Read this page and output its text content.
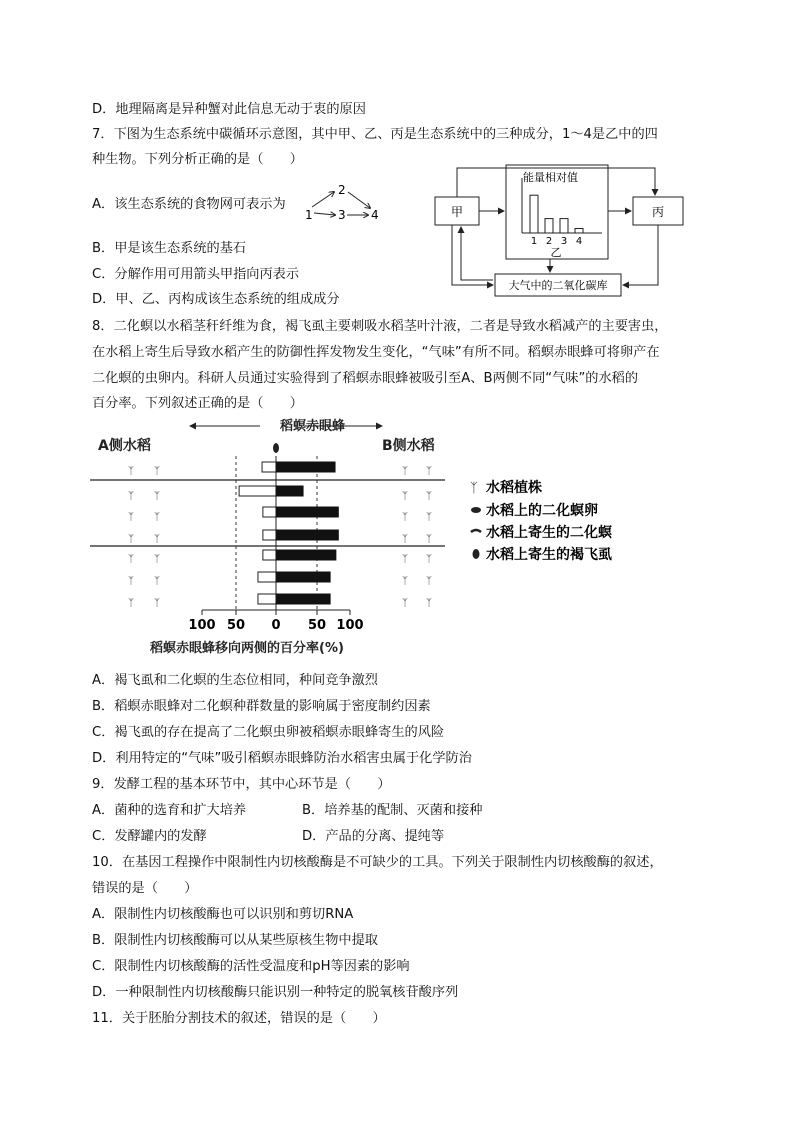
D．地理隔离是异种蟹对此信息无动于衷的原因
7．下图为生态系统中碳循环示意图，其中甲、乙、丙是生态系统中的三种成分，1～4是乙中的四
种生物。下列分析正确的是（　　）
A．该生态系统的食物网可表示为
1
2
3 4
B．甲是该生态系统的基石
C．分解作用可用箭头甲指向丙表示
D．甲、乙、丙构成该生态系统的组成成分
甲	丙
大气中的二氧化碳库
能量相对值
1 2 3 4
乙
8．二化螟以水稻茎秆纤维为食，褐飞虱主要刺吸水稻茎叶汁液，二者是导致水稻减产的主要害虫，
在水稻上寄生后导致水稻产生的防御性挥发物发生变化，“气味”有所不同。稻螟赤眼蜂可将卵产在
二化螟的虫卵内。科研人员通过实验得到了稻螟赤眼蜂被吸引至A、B两侧不同“气味”的水稻的
百分率。下列叙述正确的是（　　）
稻螟赤眼蜂
A侧水稻	B侧水稻
ᛉ ᛉ	ᛉ ᛉ
ᛉ ᛉ	ᛉ ᛉ
ᛉ ᛉ	ᛉ ᛉ
ᛉ ᛉ	ᛉ ᛉ
ᛉ ᛉ	ᛉ ᛉ
ᛉ ᛉ	ᛉ ᛉ
ᛉ ᛉ	ᛉ ᛉ
100 50 0 50 100
稻螟赤眼蜂移向两侧的百分率(%)
ᛉ 水稻植株
水稻上的二化螟卵
水稻上寄生的二化螟
水稻上寄生的褐飞虱
A．褐飞虱和二化螟的生态位相同，种间竞争激烈
B．稻螟赤眼蜂对二化螟种群数量的影响属于密度制约因素
C．褐飞虱的存在提高了二化螟虫卵被稻螟赤眼蜂寄生的风险
D．利用特定的“气味”吸引稻螟赤眼蜂防治水稻害虫属于化学防治
9．发酵工程的基本环节中，其中心环节是（　　）
A．菌种的选育和扩大培养	B．培养基的配制、灭菌和接种
C．发酵罐内的发酵	D．产品的分离、提纯等
10．在基因工程操作中限制性内切核酸酶是不可缺少的工具。下列关于限制性内切核酸酶的叙述，
错误的是（　　）
A．限制性内切核酸酶也可以识别和剪切RNA
B．限制性内切核酸酶可以从某些原核生物中提取
C．限制性内切核酸酶的活性受温度和pH等因素的影响
D．一种限制性内切核酸酶只能识别一种特定的脱氧核苷酸序列
11．关于胚胎分割技术的叙述，错误的是（　　）
